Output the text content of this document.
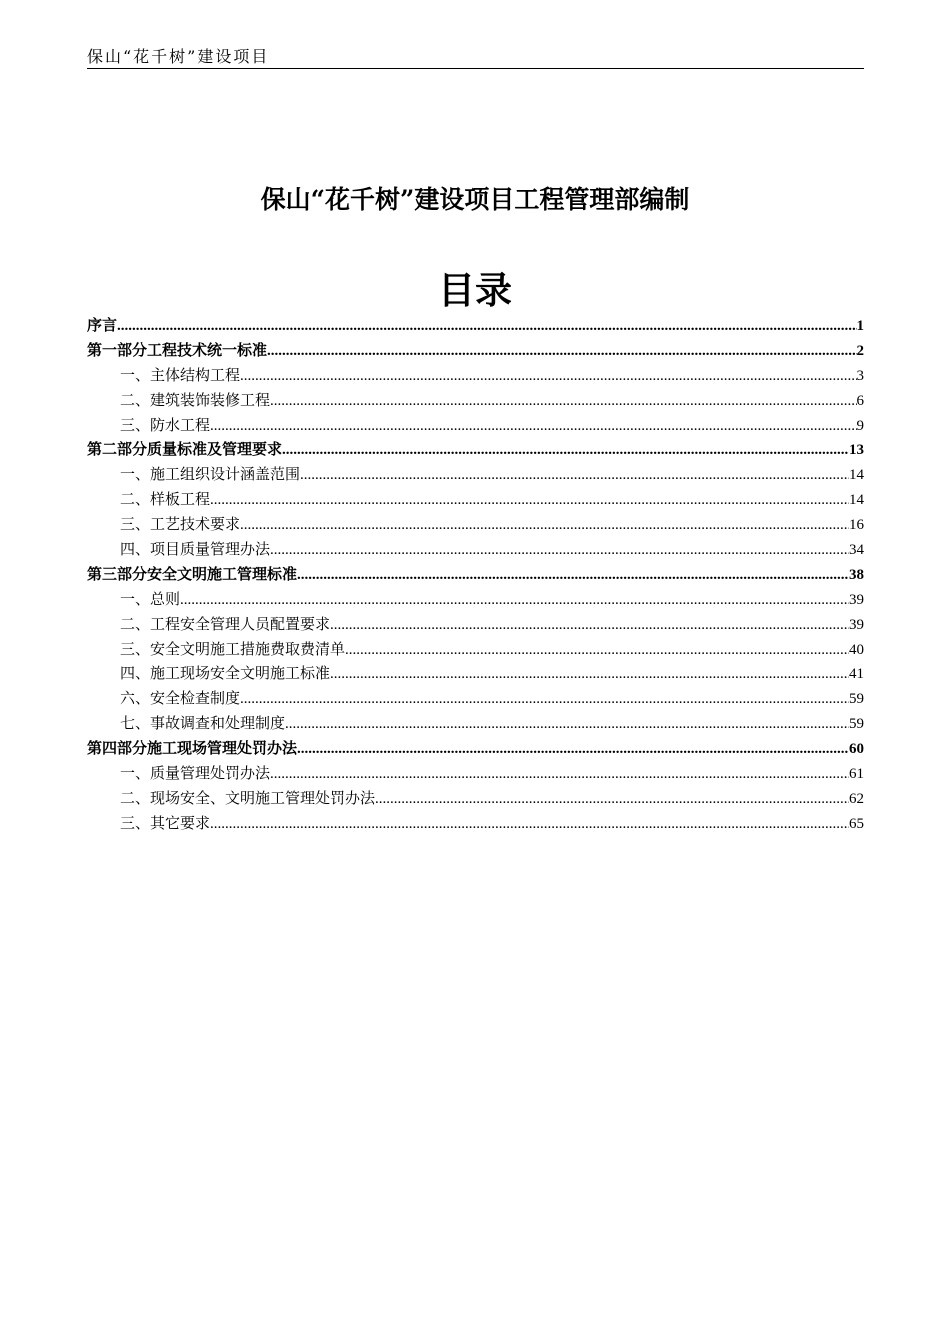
保山“花千树”建设项目
保山“花千树”建设项目工程管理部编制
目录
序言 .....	1
第一部分工程技术统一标准 .....	2
一、主体结构工程 .....	3
二、建筑装饰装修工程 .....	6
三、防水工程 .....	9
第二部分质量标准及管理要求 .....	13
一、施工组织设计涵盖范围 .....	14
二、样板工程 .....	14
三、工艺技术要求 .....	16
四、项目质量管理办法 .....	34
第三部分安全文明施工管理标准 .....	38
一、总则 .....	39
二、工程安全管理人员配置要求 .....	39
三、安全文明施工措施费取费清单 .....	40
四、施工现场安全文明施工标准 .....	41
六、安全检查制度 .....	59
七、事故调查和处理制度 .....	59
第四部分施工现场管理处罚办法 .....	60
一、质量管理处罚办法 .....	61
二、现场安全、文明施工管理处罚办法 .....	62
三、其它要求 .....	65
